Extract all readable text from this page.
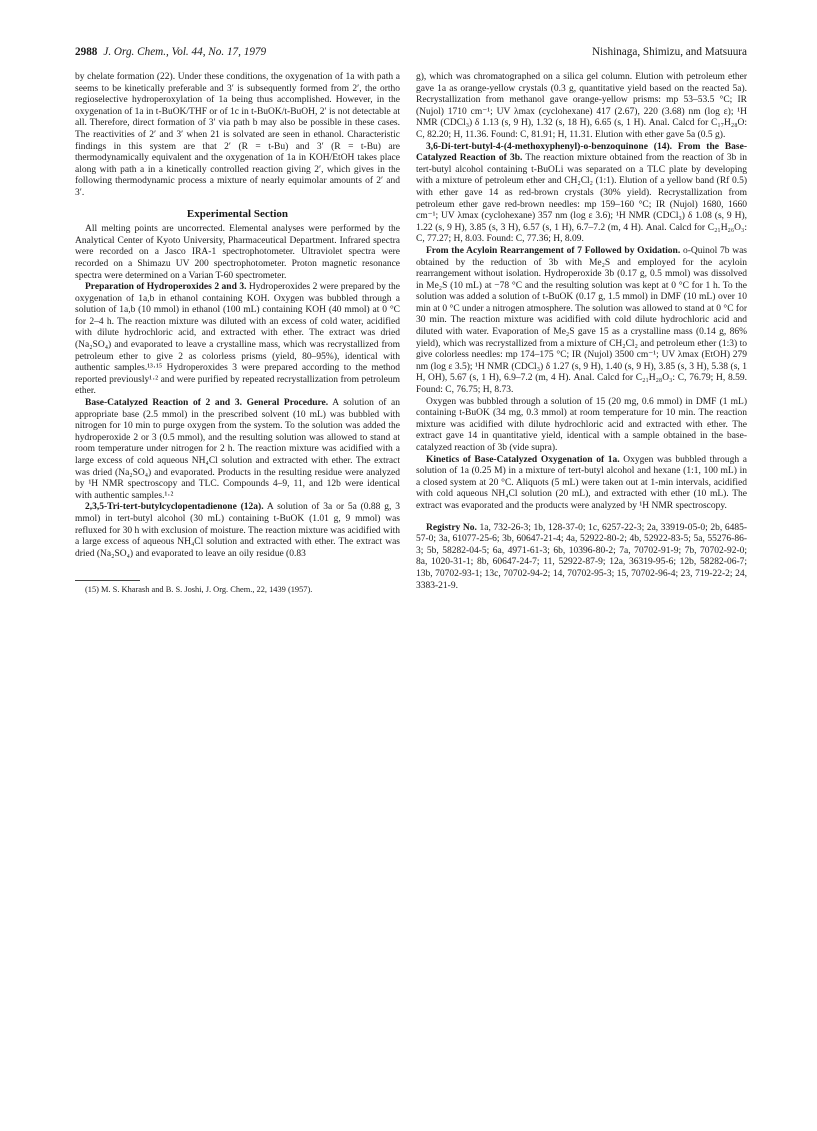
2988 J. Org. Chem., Vol. 44, No. 17, 1979	Nishinaga, Shimizu, and Matsuura

by chelate formation (22). Under these conditions, the oxygenation of 1a with path a seems to be kinetically preferable and 3′ is subsequently formed from 2′, the ortho regioselective hydroperoxylation of 1a being thus accomplished. However, in the oxygenation of 1a in t-BuOK/THF or of 1c in t-BuOK/t-BuOH, 2′ is not detectable at all. Therefore, direct formation of 3′ via path b may also be possible in these cases. The reactivities of 2′ and 3′ when 21 is solvated are seen in ethanol. Characteristic findings in this system are that 2′ (R = t-Bu) and 3′ (R = t-Bu) are thermodynamically equivalent and the oxygenation of 1a in KOH/EtOH takes place along with path a in a kinetically controlled reaction giving 2′, which gives in the following thermodynamic process a mixture of nearly equimolar amounts of 2′ and 3′.

Experimental Section

All melting points are uncorrected. Elemental analyses were performed by the Analytical Center of Kyoto University, Pharmaceutical Department. Infrared spectra were recorded on a Jasco IRA-1 spectrophotometer. Ultraviolet spectra were recorded on a Shimazu UV 200 spectrophotometer. Proton magnetic resonance spectra were determined on a Varian T-60 spectrometer.

Preparation of Hydroperoxides 2 and 3. Hydroperoxides 2 were prepared by the oxygenation of 1a,b in ethanol containing KOH. Oxygen was bubbled through a solution of 1a,b (10 mmol) in ethanol (100 mL) containing KOH (40 mmol) at 0 °C for 2–4 h. The reaction mixture was diluted with an excess of cold water, acidified with dilute hydrochloric acid, and extracted with ether. The extract was dried (Na₂SO₄) and evaporated to leave a crystalline mass, which was recrystallized from petroleum ether to give 2 as colorless prisms (yield, 80–95%), identical with authentic samples.¹³·¹⁵ Hydroperoxides 3 were prepared according to the method reported previously¹·² and were purified by repeated recrystallization from petroleum ether.

Base-Catalyzed Reaction of 2 and 3. General Procedure. A solution of an appropriate base (2.5 mmol) in the prescribed solvent (10 mL) was bubbled with nitrogen for 10 min to purge oxygen from the system. To the solution was added the hydroperoxide 2 or 3 (0.5 mmol), and the resulting solution was allowed to stand at room temperature under nitrogen for 2 h. The reaction mixture was acidified with a large excess of cold aqueous NH₄Cl solution and extracted with ether. The extract was dried (Na₂SO₄) and evaporated. Products in the resulting residue were analyzed by ¹H NMR spectroscopy and TLC. Compounds 4–9, 11, and 12b were identical with authentic samples.¹·²

2,3,5-Tri-tert-butylcyclopentadienone (12a). A solution of 3a or 5a (0.88 g, 3 mmol) in tert-butyl alcohol (30 mL) containing t-BuOK (1.01 g, 9 mmol) was refluxed for 30 h with exclusion of moisture. The reaction mixture was acidified with a large excess of aqueous NH₄Cl solution and extracted with ether. The extract was dried (Na₂SO₄) and evaporated to leave an oily residue (0.83

(15) M. S. Kharash and B. S. Joshi, J. Org. Chem., 22, 1439 (1957).

g), which was chromatographed on a silica gel column. Elution with petroleum ether gave 1a as orange-yellow crystals (0.3 g, quantitative yield based on the reacted 5a). Recrystallization from methanol gave orange-yellow prisms: mp 53–53.5 °C; IR (Nujol) 1710 cm⁻¹; UV λmax (cyclohexane) 417 (2.67), 220 (3.68) nm (log ε); ¹H NMR (CDCl₃) δ 1.13 (s, 9 H), 1.32 (s, 18 H), 6.65 (s, 1 H). Anal. Calcd for C₁₇H₂₈O: C, 82.20; H, 11.36. Found: C, 81.91; H, 11.31. Elution with ether gave 5a (0.5 g).

3,6-Di-tert-butyl-4-(4-methoxyphenyl)-o-benzoquinone (14). From the Base-Catalyzed Reaction of 3b. The reaction mixture obtained from the reaction of 3b in tert-butyl alcohol containing t-BuOLi was separated on a TLC plate by developing with a mixture of petroleum ether and CH₂Cl₂ (1:1). Elution of a yellow band (Rf 0.5) with ether gave 14 as red-brown crystals (30% yield). Recrystallization from petroleum ether gave red-brown needles: mp 159–160 °C; IR (Nujol) 1680, 1660 cm⁻¹; UV λmax (cyclohexane) 357 nm (log ε 3.6); ¹H NMR (CDCl₃) δ 1.08 (s, 9 H), 1.22 (s, 9 H), 3.85 (s, 3 H), 6.57 (s, 1 H), 6.7–7.2 (m, 4 H). Anal. Calcd for C₂₁H₂₆O₃: C, 77.27; H, 8.03. Found: C, 77.36; H, 8.09.

From the Acyloin Rearrangement of 7 Followed by Oxidation. o-Quinol 7b was obtained by the reduction of 3b with Me₂S and employed for the acyloin rearrangement without isolation. Hydroperoxide 3b (0.17 g, 0.5 mmol) was dissolved in Me₂S (10 mL) at −78 °C and the resulting solution was kept at 0 °C for 1 h. To the solution was added a solution of t-BuOK (0.17 g, 1.5 mmol) in DMF (10 mL) over 10 min at 0 °C under a nitrogen atmosphere. The solution was allowed to stand at 0 °C for 30 min. The reaction mixture was acidified with cold dilute hydrochloric acid and diluted with water. Evaporation of Me₂S gave 15 as a crystalline mass (0.14 g, 86% yield), which was recrystallized from a mixture of CH₂Cl₂ and petroleum ether (1:3) to give colorless needles: mp 174–175 °C; IR (Nujol) 3500 cm⁻¹; UV λmax (EtOH) 279 nm (log ε 3.5); ¹H NMR (CDCl₃) δ 1.27 (s, 9 H), 1.40 (s, 9 H), 3.85 (s, 3 H), 5.38 (s, 1 H, OH), 5.67 (s, 1 H), 6.9–7.2 (m, 4 H). Anal. Calcd for C₂₁H₂₈O₃: C, 76.79; H, 8.59. Found: C, 76.75; H, 8.73.

Oxygen was bubbled through a solution of 15 (20 mg, 0.6 mmol) in DMF (1 mL) containing t-BuOK (34 mg, 0.3 mmol) at room temperature for 10 min. The reaction mixture was acidified with dilute hydrochloric acid and extracted with ether. The extract gave 14 in quantitative yield, identical with a sample obtained in the base-catalyzed reaction of 3b (vide supra).

Kinetics of Base-Catalyzed Oxygenation of 1a. Oxygen was bubbled through a solution of 1a (0.25 M) in a mixture of tert-butyl alcohol and hexane (1:1, 100 mL) in a closed system at 20 °C. Aliquots (5 mL) were taken out at 1-min intervals, acidified with cold aqueous NH₄Cl solution (20 mL), and extracted with ether (10 mL). The extract was evaporated and the products were analyzed by ¹H NMR spectroscopy.

Registry No. 1a, 732-26-3; 1b, 128-37-0; 1c, 6257-22-3; 2a, 33919-05-0; 2b, 6485-57-0; 3a, 61077-25-6; 3b, 60647-21-4; 4a, 52922-80-2; 4b, 52922-83-5; 5a, 55276-86-3; 5b, 58282-04-5; 6a, 4971-61-3; 6b, 10396-80-2; 7a, 70702-91-9; 7b, 70702-92-0; 8a, 1020-31-1; 8b, 60647-24-7; 11, 52922-87-9; 12a, 36319-95-6; 12b, 58282-06-7; 13b, 70702-93-1; 13c, 70702-94-2; 14, 70702-95-3; 15, 70702-96-4; 23, 719-22-2; 24, 3383-21-9.
